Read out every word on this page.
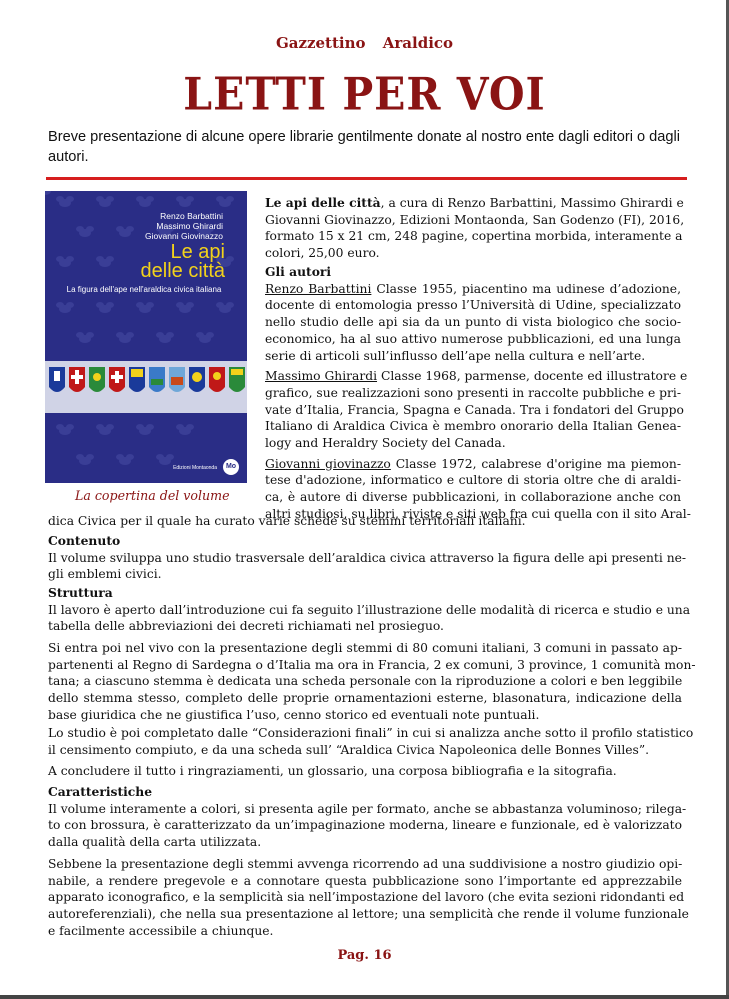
Gazzettino Araldico
LETTI PER VOI
Breve presentazione di alcune opere librarie gentilmente donate al nostro ente dagli editori o dagli autori.
Renzo Barbattini
Massimo Ghirardi
Giovanni Giovinazzo
Le api
delle città
La figura dell'ape nell'araldica civica italiana
Edizioni Montaonda	Mo
La copertina del volume
Le api delle città, a cura di Renzo Barbattini, Massimo Ghirardi e
Giovanni Giovinazzo, Edizioni Montaonda, San Godenzo (FI), 2016,
formato 15 x 21 cm, 248 pagine, copertina morbida, interamente a
colori, 25,00 euro.
Gli autori
Renzo Barbattini Classe 1955, piacentino ma udinese d’adozione,
docente di entomologia presso l’Università di Udine, specializzato
nello studio delle api sia da un punto di vista biologico che socio-
economico, ha al suo attivo numerose pubblicazioni, ed una lunga
serie di articoli sull’influsso dell’ape nella cultura e nell’arte.
Massimo Ghirardi Classe 1968, parmense, docente ed illustratore e
grafico, sue realizzazioni sono presenti in raccolte pubbliche e pri-
vate d’Italia, Francia, Spagna e Canada. Tra i fondatori del Gruppo
Italiano di Araldica Civica è membro onorario della Italian Genea-
logy and Heraldry Society del Canada.
Giovanni giovinazzo Classe 1972, calabrese d'origine ma piemon-
tese d'adozione, informatico e cultore di storia oltre che di araldi-
ca, è autore di diverse pubblicazioni, in collaborazione anche con
altri studiosi, su libri, riviste e siti web fra cui quella con il sito Aral-
dica Civica per il quale ha curato varie schede su stemmi territoriali italiani.
Contenuto
Il volume sviluppa uno studio trasversale dell’araldica civica attraverso la figura delle api presenti ne-
gli emblemi civici.
Struttura
Il lavoro è aperto dall’introduzione cui fa seguito l’illustrazione delle modalità di ricerca e studio e una
tabella delle abbreviazioni dei decreti richiamati nel prosieguo.
Si entra poi nel vivo con la presentazione degli stemmi di 80 comuni italiani, 3 comuni in passato ap-
partenenti al Regno di Sardegna o d’Italia ma ora in Francia, 2 ex comuni, 3 province, 1 comunità mon-
tana; a ciascuno stemma è dedicata una scheda personale con la riproduzione a colori e ben leggibile
dello stemma stesso, completo delle proprie ornamentazioni esterne, blasonatura, indicazione della
base giuridica che ne giustifica l’uso, cenno storico ed eventuali note puntuali.
Lo studio è poi completato dalle “Considerazioni finali” in cui si analizza anche sotto il profilo statistico
il censimento compiuto, e da una scheda sull’ “Araldica Civica Napoleonica delle Bonnes Villes”.
A concludere il tutto i ringraziamenti, un glossario, una corposa bibliografia e la sitografia.
Caratteristiche
Il volume interamente a colori, si presenta agile per formato, anche se abbastanza voluminoso; rilega-
to con brossura, è caratterizzato da un’impaginazione moderna, lineare e funzionale, ed è valorizzato
dalla qualità della carta utilizzata.
Sebbene la presentazione degli stemmi avvenga ricorrendo ad una suddivisione a nostro giudizio opi-
nabile, a rendere pregevole e a connotare questa pubblicazione sono l’importante ed apprezzabile
apparato iconografico, e la semplicità sia nell’impostazione del lavoro (che evita sezioni ridondanti ed
autoreferenziali), che nella sua presentazione al lettore; una semplicità che rende il volume funzionale
e facilmente accessibile a chiunque.
Pag. 16
